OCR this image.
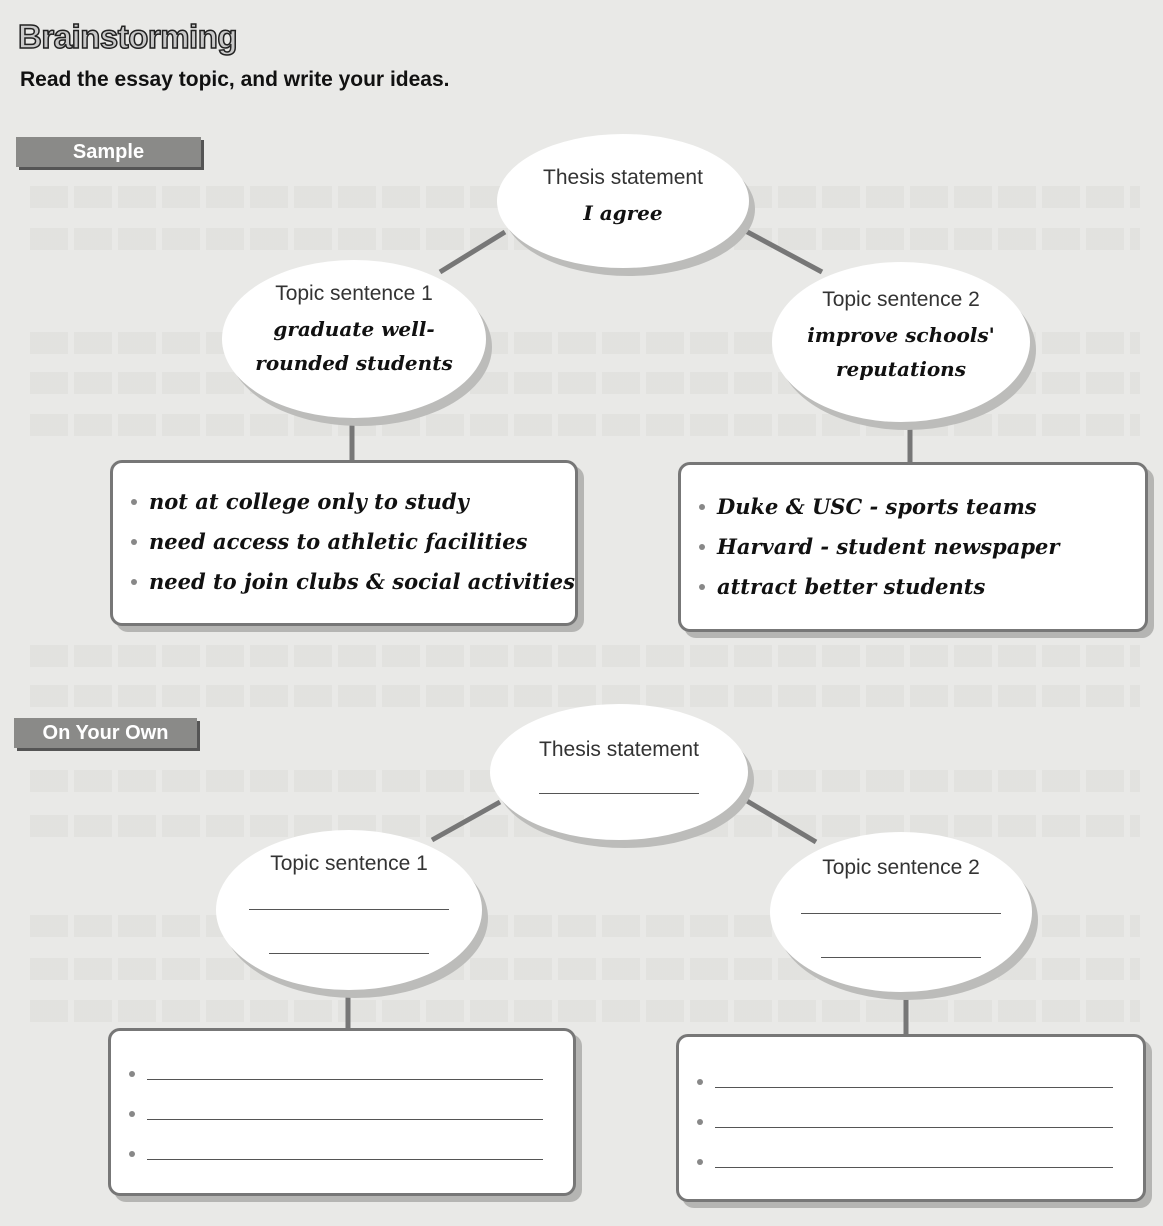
Brainstorming

Read the essay topic, and write your ideas.

Sample
Thesis statement
I agree
Topic sentence 1
graduate well-
rounded students
Topic sentence 2
improve schools'
reputations
not at college only to study
need access to athletic facilities
need to join clubs & social activities
Duke & USC - sports teams
Harvard - student newspaper
attract better students
On Your Own
Thesis statement
Topic sentence 1	Topic sentence 2
